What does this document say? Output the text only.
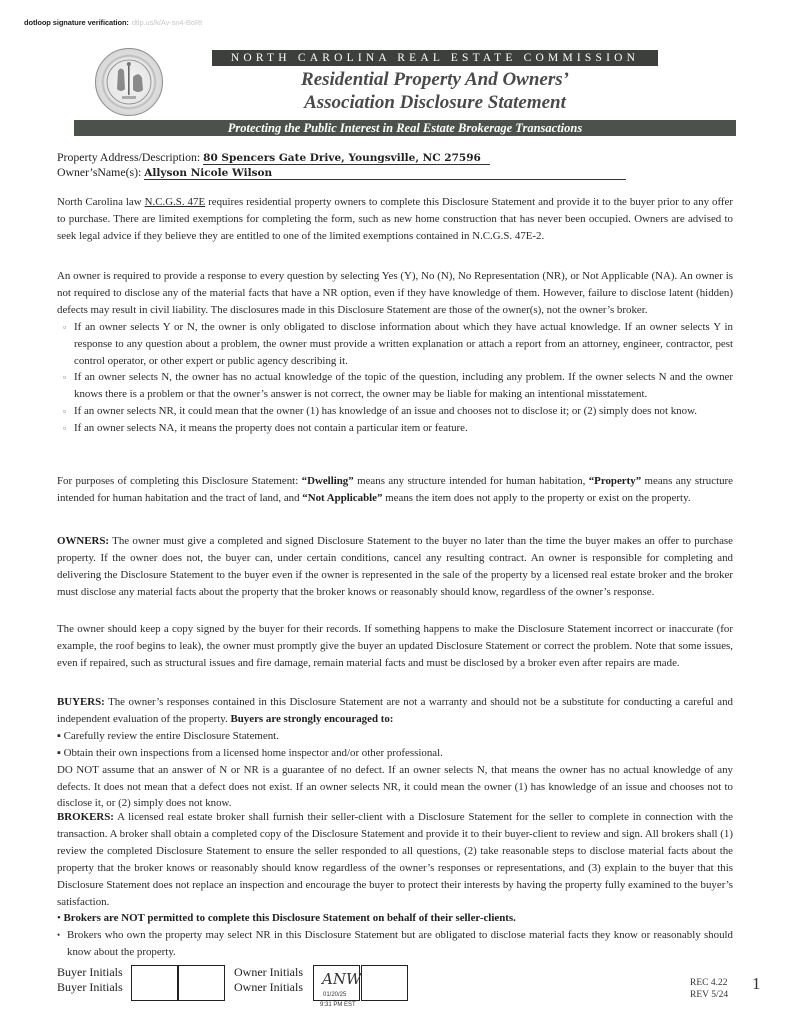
dotloop signature verification: dtlp.us/k/Av-sn4-BoRt
NORTH CAROLINA REAL ESTATE COMMISSION
Residential Property And Owners’
Association Disclosure Statement
Protecting the Public Interest in Real Estate Brokerage Transactions
Property Address/Description: 80 Spencers Gate Drive, Youngsville, NC 27596
Owner’sName(s): Allyson Nicole Wilson

North Carolina law N.C.G.S. 47E requires residential property owners to complete this Disclosure Statement and provide it to the buyer prior to any offer to purchase. There are limited exemptions for completing the form, such as new home construction that has never been occupied. Owners are advised to seek legal advice if they believe they are entitled to one of the limited exemptions contained in N.C.G.S. 47E-2.

An owner is required to provide a response to every question by selecting Yes (Y), No (N), No Representation (NR), or Not Applicable (NA). An owner is not required to disclose any of the material facts that have a NR option, even if they have knowledge of them. However, failure to disclose latent (hidden) defects may result in civil liability. The disclosures made in this Disclosure Statement are those of the owner(s), not the owner’s broker.

▫ If an owner selects Y or N, the owner is only obligated to disclose information about which they have actual knowledge. If an owner selects Y in response to any question about a problem, the owner must provide a written explanation or attach a report from an attorney, engineer, contractor, pest control operator, or other expert or public agency describing it.
▫ If an owner selects N, the owner has no actual knowledge of the topic of the question, including any problem. If the owner selects N and the owner knows there is a problem or that the owner’s answer is not correct, the owner may be liable for making an intentional misstatement.
▫ If an owner selects NR, it could mean that the owner (1) has knowledge of an issue and chooses not to disclose it; or (2) simply does not know.
▫ If an owner selects NA, it means the property does not contain a particular item or feature.

For purposes of completing this Disclosure Statement: “Dwelling” means any structure intended for human habitation, “Property” means any structure intended for human habitation and the tract of land, and “Not Applicable” means the item does not apply to the property or exist on the property.

OWNERS: The owner must give a completed and signed Disclosure Statement to the buyer no later than the time the buyer makes an offer to purchase property. If the owner does not, the buyer can, under certain conditions, cancel any resulting contract. An owner is responsible for completing and delivering the Disclosure Statement to the buyer even if the owner is represented in the sale of the property by a licensed real estate broker and the broker must disclose any material facts about the property that the broker knows or reasonably should know, regardless of the owner’s response.

The owner should keep a copy signed by the buyer for their records. If something happens to make the Disclosure Statement incorrect or inaccurate (for example, the roof begins to leak), the owner must promptly give the buyer an updated Disclosure Statement or correct the problem. Note that some issues, even if repaired, such as structural issues and fire damage, remain material facts and must be disclosed by a broker even after repairs are made.

BUYERS: The owner’s responses contained in this Disclosure Statement are not a warranty and should not be a substitute for conducting a careful and independent evaluation of the property. Buyers are strongly encouraged to:

▪ Carefully review the entire Disclosure Statement.
▪ Obtain their own inspections from a licensed home inspector and/or other professional.

DO NOT assume that an answer of N or NR is a guarantee of no defect. If an owner selects N, that means the owner has no actual knowledge of any defects. It does not mean that a defect does not exist. If an owner selects NR, it could mean the owner (1) has knowledge of an issue and chooses not to disclose it, or (2) simply does not know.

BROKERS: A licensed real estate broker shall furnish their seller-client with a Disclosure Statement for the seller to complete in connection with the transaction. A broker shall obtain a completed copy of the Disclosure Statement and provide it to their buyer-client to review and sign. All brokers shall (1) review the completed Disclosure Statement to ensure the seller responded to all questions, (2) take reasonable steps to disclose material facts about the property that the broker knows or reasonably should know regardless of the owner’s responses or representations, and (3) explain to the buyer that this Disclosure Statement does not replace an inspection and encourage the buyer to protect their interests by having the property fully examined to the buyer’s satisfaction.

• Brokers are NOT permitted to complete this Disclosure Statement on behalf of their seller-clients.
• Brokers who own the property may select NR in this Disclosure Statement but are obligated to disclose material facts they know or reasonably should know about the property.
Buyer Initials
Buyer Initials
Owner Initials
Owner Initials ANW
01/20/25
9:31 PM EST
REC 4.22
REV 5/24
1
